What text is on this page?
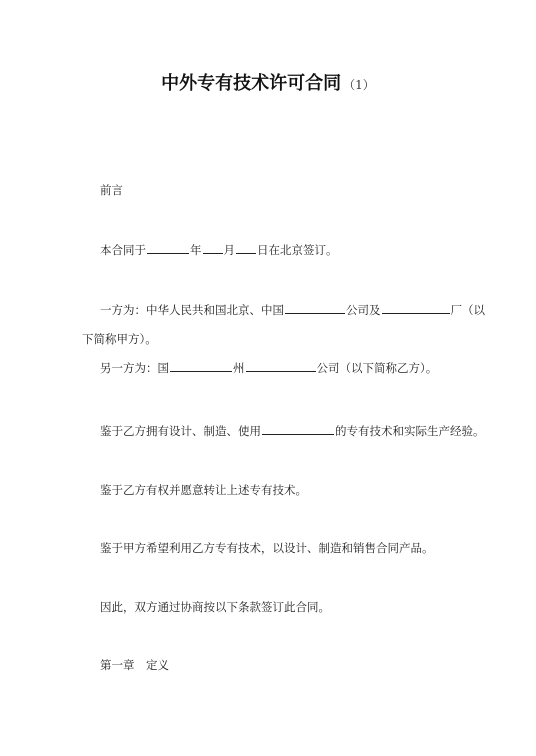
中外专有技术许可合同 （1）
前言
本合同于	年 月 日在北京签订。
一方为：中华人民共和国北京、中国	公司及	厂（以
下简称甲方）。
另一方为：国	州	公司（以下简称乙方）。
鉴于乙方拥有设计、制造、使用	的专有技术和实际生产经验。
鉴于乙方有权并愿意转让上述专有技术。
鉴于甲方希望利用乙方专有技术，以设计、制造和销售合同产品。
因此，双方通过协商按以下条款签订此合同。
第一章　定义
